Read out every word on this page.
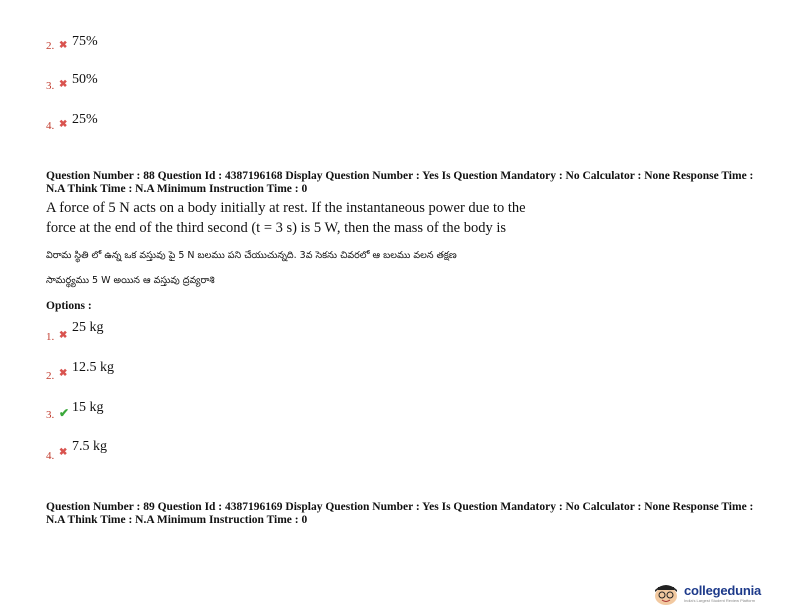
2. ✖ 75%
3. ✖ 50%
4. ✖ 25%
Question Number : 88 Question Id : 4387196168 Display Question Number : Yes Is Question Mandatory : No Calculator : None Response Time : N.A Think Time : N.A Minimum Instruction Time : 0
A force of 5 N acts on a body initially at rest. If the instantaneous power due to the
force at the end of the third second (t = 3 s) is 5 W, then the mass of the body is
విరామ స్థితి లో ఉన్న ఒక వస్తువు పై 5 N బలము పని చేయుచున్నది. 3వ సెకను చివరలో ఆ బలము వలన తక్షణ
సామర్థ్యము 5 W అయిన ఆ వస్తువు ద్రవ్యరాశి
Options :
1. ✖
25 kg
2. ✖ 12.5 kg
3. ✔ 15 kg
4. ✖ 7.5 kg
Question Number : 89 Question Id : 4387196169 Display Question Number : Yes Is Question Mandatory : No Calculator : None Response Time : N.A Think Time : N.A Minimum Instruction Time : 0
collegedunia
India's Largest Student Review Platform
